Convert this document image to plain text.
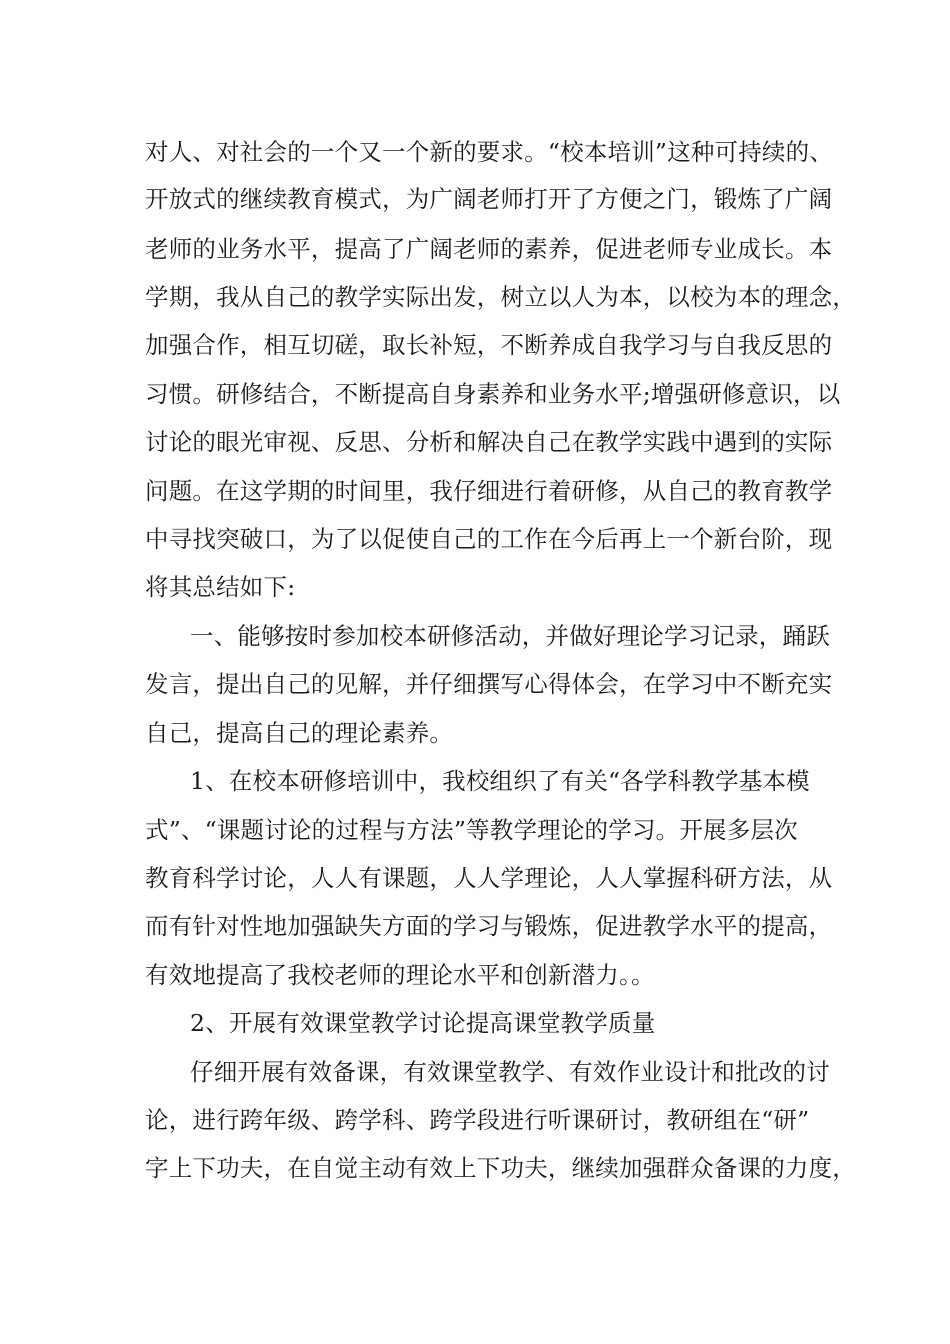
对人、对社会的一个又一个新的要求。“校本培训”这种可持续的、
开放式的继续教育模式，为广阔老师打开了方便之门，锻炼了广阔
老师的业务水平，提高了广阔老师的素养，促进老师专业成长。本
学期，我从自己的教学实际出发，树立以人为本，以校为本的理念，
加强合作，相互切磋，取长补短，不断养成自我学习与自我反思的
习惯。研修结合，不断提高自身素养和业务水平;增强研修意识，以
讨论的眼光审视、反思、分析和解决自己在教学实践中遇到的实际
问题。在这学期的时间里，我仔细进行着研修，从自己的教育教学
中寻找突破口，为了以促使自己的工作在今后再上一个新台阶，现
将其总结如下:
一、能够按时参加校本研修活动，并做好理论学习记录，踊跃
发言，提出自己的见解，并仔细撰写心得体会，在学习中不断充实
自己，提高自己的理论素养。
1、在校本研修培训中，我校组织了有关“各学科教学基本模
式”、“课题讨论的过程与方法”等教学理论的学习。开展多层次
教育科学讨论，人人有课题，人人学理论，人人掌握科研方法，从
而有针对性地加强缺失方面的学习与锻炼，促进教学水平的提高，
有效地提高了我校老师的理论水平和创新潜力。。
2、开展有效课堂教学讨论提高课堂教学质量
仔细开展有效备课，有效课堂教学、有效作业设计和批改的讨
论，进行跨年级、跨学科、跨学段进行听课研讨，教研组在“研”
字上下功夫，在自觉主动有效上下功夫，继续加强群众备课的力度，
